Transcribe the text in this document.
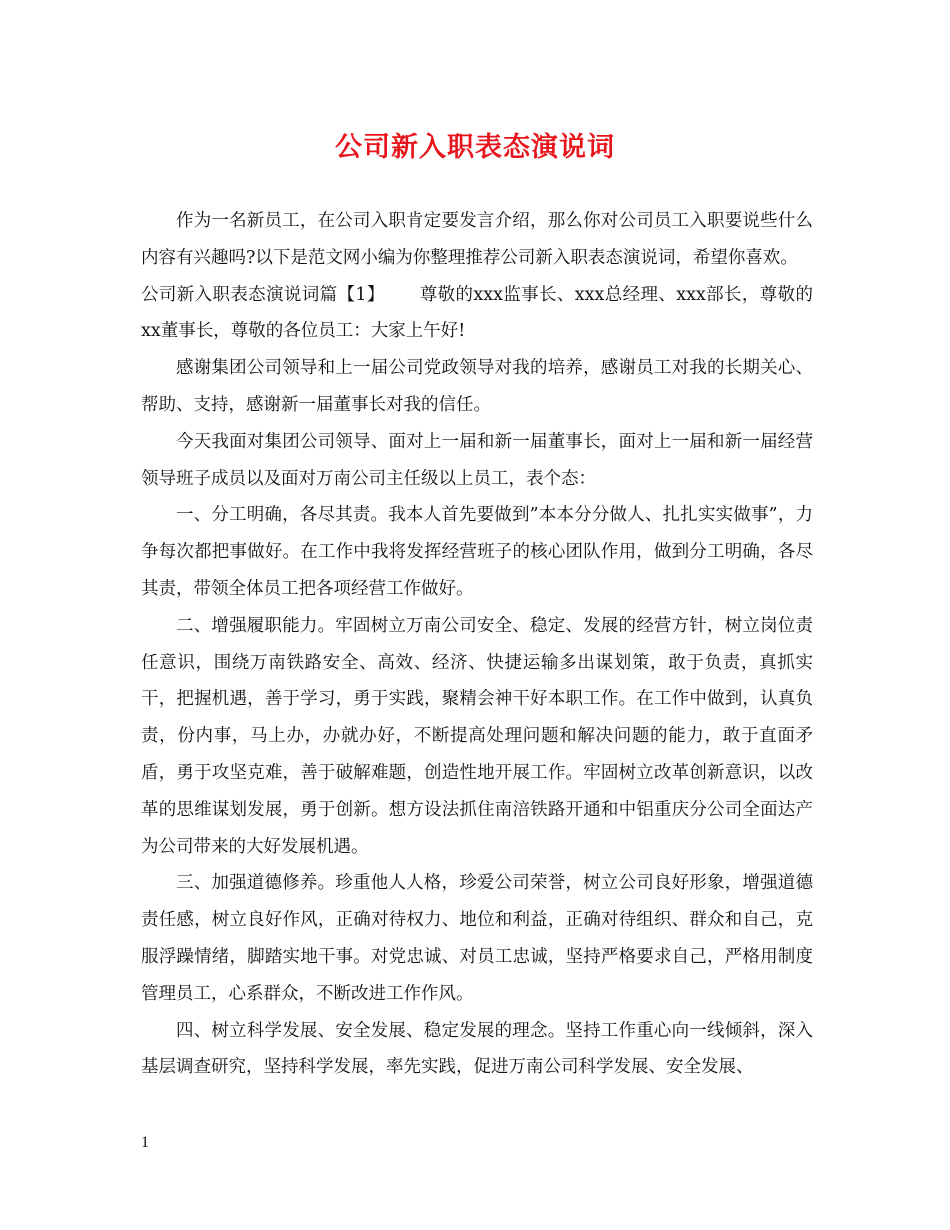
公司新入职表态演说词

作为一名新员工，在公司入职肯定要发言介绍，那么你对公司员工入职要说些什么内容有兴趣吗?以下是范文网小编为你整理推荐公司新入职表态演说词，希望你喜欢。

公司新入职表态演说词篇【1】 尊敬的xxx监事长、xxx总经理、xxx部长，尊敬的xx董事长，尊敬的各位员工：大家上午好!

感谢集团公司领导和上一届公司党政领导对我的培养，感谢员工对我的长期关心、帮助、支持，感谢新一届董事长对我的信任。

今天我面对集团公司领导、面对上一届和新一届董事长，面对上一届和新一届经营领导班子成员以及面对万南公司主任级以上员工，表个态：

一、分工明确，各尽其责。我本人首先要做到”本本分分做人、扎扎实实做事”，力争每次都把事做好。在工作中我将发挥经营班子的核心团队作用，做到分工明确，各尽其责，带领全体员工把各项经营工作做好。

二、增强履职能力。牢固树立万南公司安全、稳定、发展的经营方针，树立岗位责任意识，围绕万南铁路安全、高效、经济、快捷运输多出谋划策，敢于负责，真抓实干，把握机遇，善于学习，勇于实践，聚精会神干好本职工作。在工作中做到，认真负责，份内事，马上办，办就办好，不断提高处理问题和解决问题的能力，敢于直面矛盾，勇于攻坚克难，善于破解难题，创造性地开展工作。牢固树立改革创新意识，以改革的思维谋划发展，勇于创新。想方设法抓住南涪铁路开通和中铝重庆分公司全面达产为公司带来的大好发展机遇。

三、加强道德修养。珍重他人人格，珍爱公司荣誉，树立公司良好形象，增强道德责任感，树立良好作风，正确对待权力、地位和利益，正确对待组织、群众和自己，克服浮躁情绪，脚踏实地干事。对党忠诚、对员工忠诚，坚持严格要求自己，严格用制度管理员工，心系群众，不断改进工作作风。

四、树立科学发展、安全发展、稳定发展的理念。坚持工作重心向一线倾斜，深入基层调查研究，坚持科学发展，率先实践，促进万南公司科学发展、安全发展、

1
